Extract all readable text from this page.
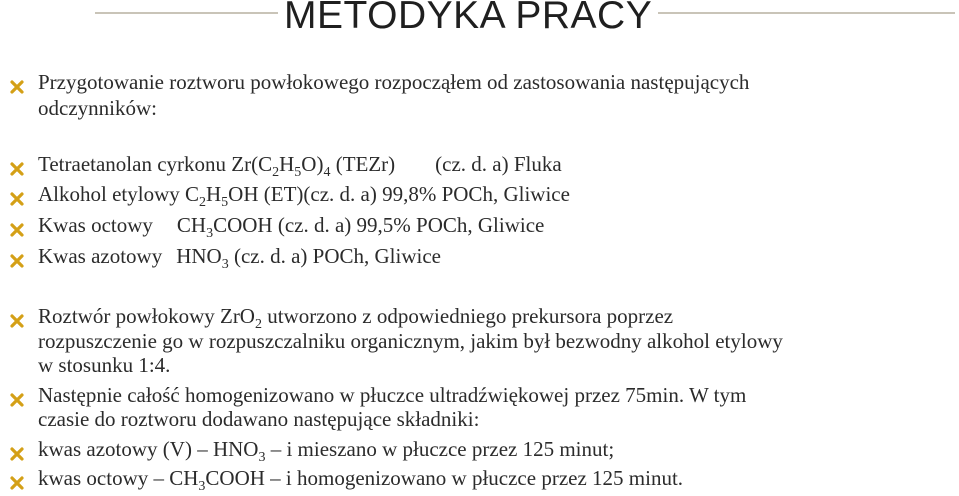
METODYKA PRACY
Przygotowanie roztworu powłokowego rozpocząłem od zastosowania następujących
odczynników:
Tetraetanolan cyrkonu $Zr(C_2H_5O)_4$ (TEZr) (cz. d. a) Fluka
Alkohol etylowy $C_2H_5OH$ (ET)(cz. d. a) 99,8% POCh, Gliwice
Kwas octowy $CH_3COOH$ (cz. d. a) 99,5% POCh, Gliwice
Kwas azotowy $HNO_3$ (cz. d. a) POCh, Gliwice
Roztwór powłokowy ZrO$_2$ utworzono z odpowiedniego prekursora poprzez
rozpuszczenie go w rozpuszczalniku organicznym, jakim był bezwodny alkohol etylowy
w stosunku 1:4.
Następnie całość homogenizowano w płuczce ultradźwiękowej przez 75min. W tym
czasie do roztworu dodawano następujące składniki:
kwas azotowy $(V) - HNO_3$ – i mieszano w płuczce przez 125 minut;
kwas octowy – $CH_3COOH$ – i homogenizowano w płuczce przez 125 minut.
